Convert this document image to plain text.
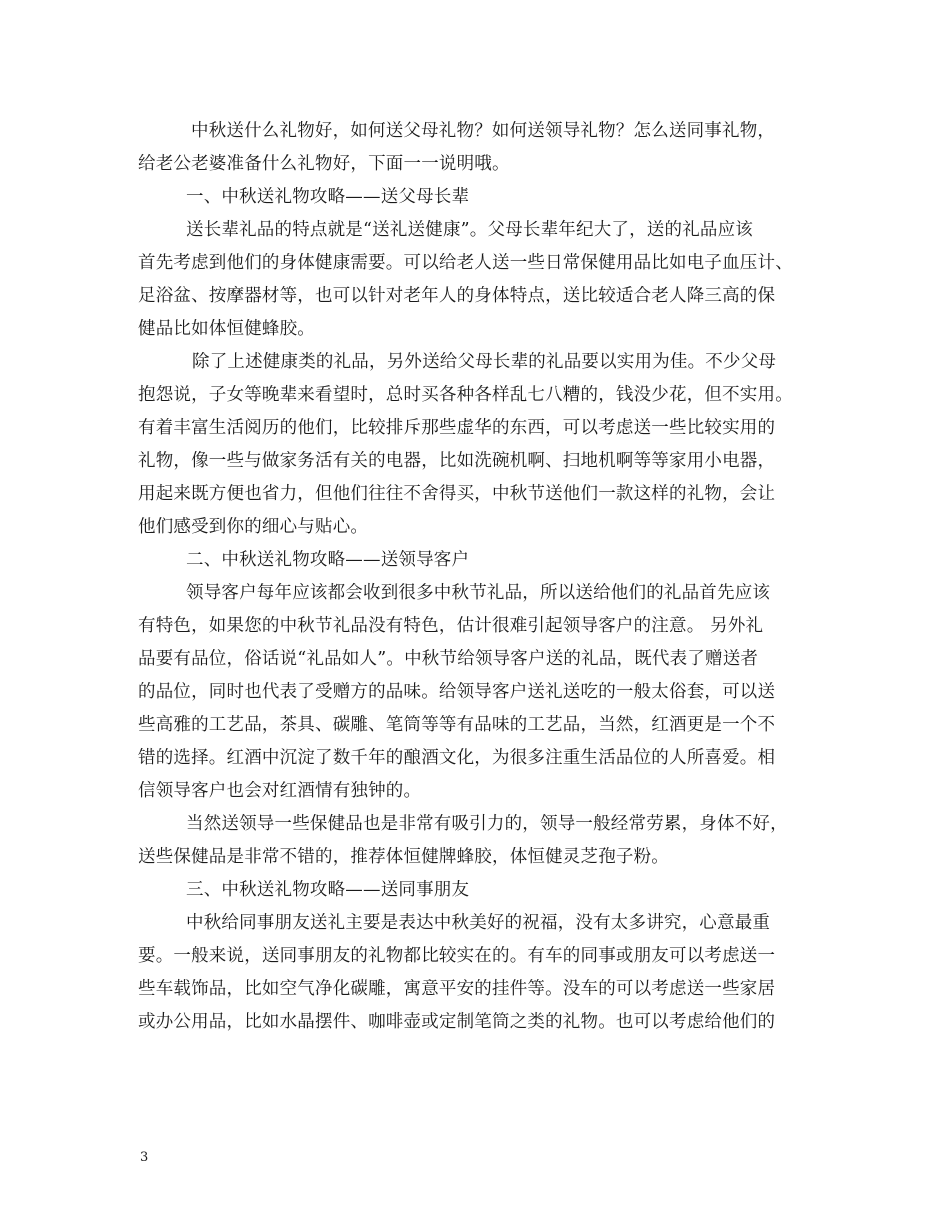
中秋送什么礼物好，如何送父母礼物？如何送领导礼物？怎么送同事礼物，
给老公老婆准备什么礼物好，下面一一说明哦。
一、中秋送礼物攻略——送父母长辈
送长辈礼品的特点就是“送礼送健康”。父母长辈年纪大了，送的礼品应该
首先考虑到他们的身体健康需要。可以给老人送一些日常保健用品比如电子血压计、
足浴盆、按摩器材等，也可以针对老年人的身体特点，送比较适合老人降三高的保
健品比如体恒健蜂胶。
除了上述健康类的礼品，另外送给父母长辈的礼品要以实用为佳。不少父母
抱怨说，子女等晚辈来看望时，总时买各种各样乱七八糟的，钱没少花，但不实用。
有着丰富生活阅历的他们，比较排斥那些虚华的东西，可以考虑送一些比较实用的
礼物，像一些与做家务活有关的电器，比如洗碗机啊、扫地机啊等等家用小电器，
用起来既方便也省力，但他们往往不舍得买，中秋节送他们一款这样的礼物，会让
他们感受到你的细心与贴心。
二、中秋送礼物攻略——送领导客户
领导客户每年应该都会收到很多中秋节礼品，所以送给他们的礼品首先应该
有特色，如果您的中秋节礼品没有特色，估计很难引起领导客户的注意。 另外礼
品要有品位，俗话说“礼品如人”。中秋节给领导客户送的礼品，既代表了赠送者
的品位，同时也代表了受赠方的品味。给领导客户送礼送吃的一般太俗套，可以送
些高雅的工艺品，茶具、碳雕、笔筒等等有品味的工艺品，当然，红酒更是一个不
错的选择。红酒中沉淀了数千年的酿酒文化，为很多注重生活品位的人所喜爱。相
信领导客户也会对红酒情有独钟的。
当然送领导一些保健品也是非常有吸引力的，领导一般经常劳累，身体不好，
送些保健品是非常不错的，推荐体恒健牌蜂胶，体恒健灵芝孢子粉。
三、中秋送礼物攻略——送同事朋友
中秋给同事朋友送礼主要是表达中秋美好的祝福，没有太多讲究，心意最重
要。一般来说，送同事朋友的礼物都比较实在的。有车的同事或朋友可以考虑送一
些车载饰品，比如空气净化碳雕，寓意平安的挂件等。没车的可以考虑送一些家居
或办公用品，比如水晶摆件、咖啡壶或定制笔筒之类的礼物。也可以考虑给他们的
3
